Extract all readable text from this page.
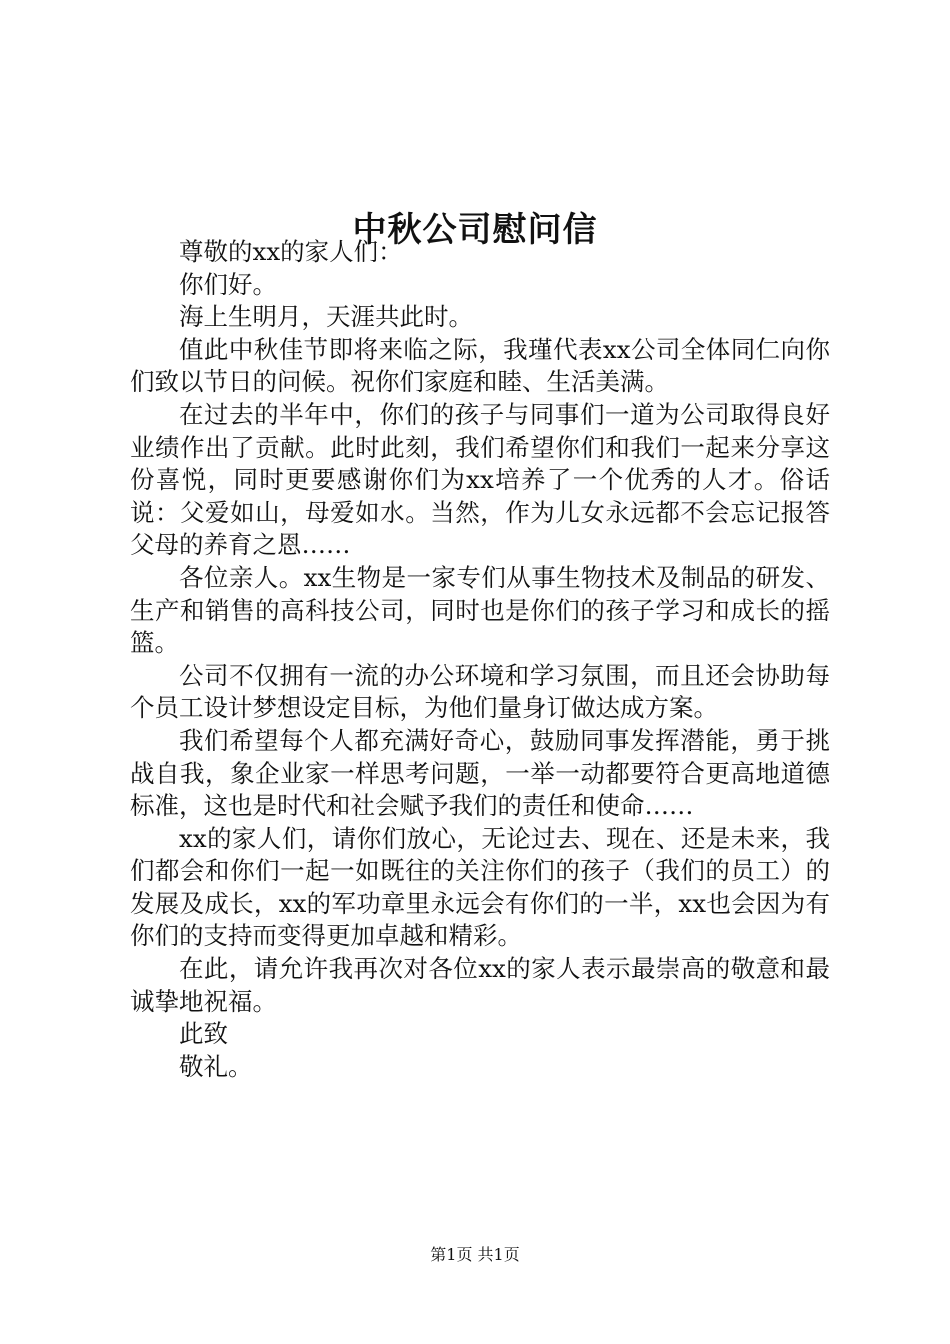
中秋公司慰问信

尊敬的xx的家人们：

你们好。

海上生明月，天涯共此时。

值此中秋佳节即将来临之际，我瑾代表xx公司全体同仁向你们致以节日的问候。祝你们家庭和睦、生活美满。

在过去的半年中，你们的孩子与同事们一道为公司取得良好业绩作出了贡献。此时此刻，我们希望你们和我们一起来分享这份喜悦，同时更要感谢你们为xx培养了一个优秀的人才。俗话说：父爱如山，母爱如水。当然，作为儿女永远都不会忘记报答父母的养育之恩……

各位亲人。xx生物是一家专们从事生物技术及制品的研发、生产和销售的高科技公司，同时也是你们的孩子学习和成长的摇篮。

公司不仅拥有一流的办公环境和学习氛围，而且还会协助每个员工设计梦想设定目标，为他们量身订做达成方案。

我们希望每个人都充满好奇心，鼓励同事发挥潜能，勇于挑战自我，象企业家一样思考问题，一举一动都要符合更高地道德标准，这也是时代和社会赋予我们的责任和使命……

xx的家人们，请你们放心，无论过去、现在、还是未来，我们都会和你们一起一如既往的关注你们的孩子（我们的员工）的发展及成长，xx的军功章里永远会有你们的一半，xx也会因为有你们的支持而变得更加卓越和精彩。

在此，请允许我再次对各位xx的家人表示最崇高的敬意和最诚挚地祝福。

此致

敬礼。

第1页 共1页
